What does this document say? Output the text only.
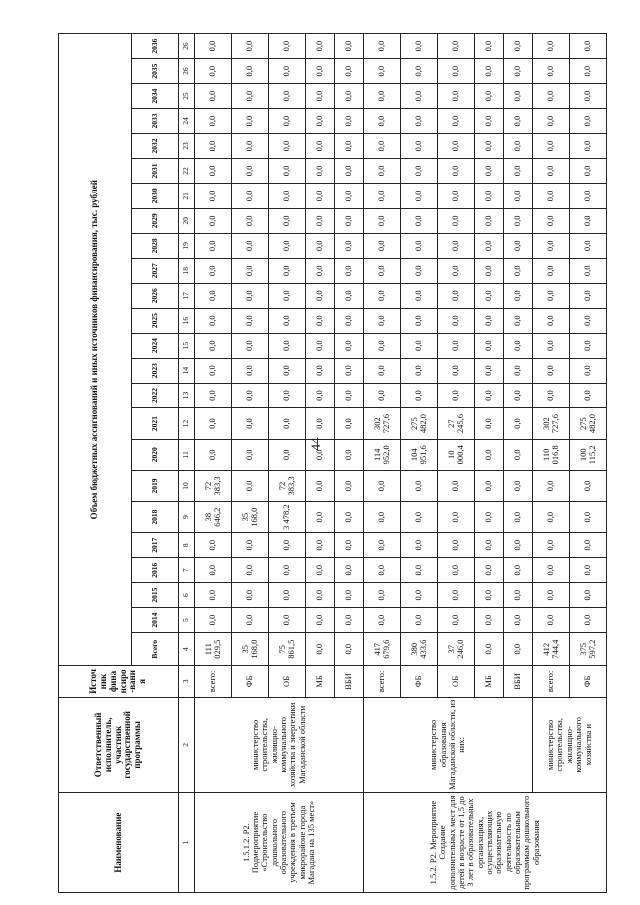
44
Наименование	Ответственный исполнитель, участник государственной программы	Источник финансиро-вания	Объем бюджетных ассигнований и иных источников финансирования, тыс. рублей																							
			Всего	2014	2015	2016	2017	2018	2019	2020	2021	2022	2023	2024	2025	2026	2027	2028	2029	2030	2031	2032	2033	2034	2035	2036
1	2	3	4	5	6	7	8	9	10	11	12	13	14	15	16	17	18	19	20	21	22	23	24	25	26	26
1.5.1.2. Р2. Подмероприятие «Строительство дошкольного образовательного учреждения в третьем микрорайоне города Магадана на 135 мест»	министерство строительства, жилищно-коммунального хозяйства и энергетики Магаданской области	всего:	111 029,5	0,0	0,0	0,0	0,0	38 646,2	72 383,3	0,0	0,0	0,0	0,0	0,0	0,0	0,0	0,0	0,0	0,0	0,0	0,0	0,0	0,0	0,0	0,0	0,0
		ФБ	35 168,0	0,0	0,0	0,0	0,0	35 168,0	0,0	0,0	0,0	0,0	0,0	0,0	0,0	0,0	0,0	0,0	0,0	0,0	0,0	0,0	0,0	0,0	0,0	0,0
		ОБ	75 861,5	0,0	0,0	0,0	0,0	3 478,2	72 383,3	0,0	0,0	0,0	0,0	0,0	0,0	0,0	0,0	0,0	0,0	0,0	0,0	0,0	0,0	0,0	0,0	0,0
		МБ	0,0	0,0	0,0	0,0	0,0	0,0	0,0	0,0	0,0	0,0	0,0	0,0	0,0	0,0	0,0	0,0	0,0	0,0	0,0	0,0	0,0	0,0	0,0	0,0
		ВБИ	0,0	0,0	0,0	0,0	0,0	0,0	0,0	0,0	0,0	0,0	0,0	0,0	0,0	0,0	0,0	0,0	0,0	0,0	0,0	0,0	0,0	0,0	0,0	0,0
1.5.2. Р2. Мероприятие Создание дополнительных мест для детей в возрасте от 1,5 до 3 лет в образовательных организациях, осуществляющих образовательную деятельность по образовательным программам дошкольного образования	министерство образования Магаданской области, из них:	всего:	417 679,6	0,0	0,0	0,0	0,0	0,0	0,0	114 952,0	302 727,6	0,0	0,0	0,0	0,0	0,0	0,0	0,0	0,0	0,0	0,0	0,0	0,0	0,0	0,0	0,0
		ФБ	380 433,6	0,0	0,0	0,0	0,0	0,0	0,0	104 951,6	275 482,0	0,0	0,0	0,0	0,0	0,0	0,0	0,0	0,0	0,0	0,0	0,0	0,0	0,0	0,0	0,0
		ОБ	37 246,0	0,0	0,0	0,0	0,0	0,0	0,0	10 000,4	27 245,6	0,0	0,0	0,0	0,0	0,0	0,0	0,0	0,0	0,0	0,0	0,0	0,0	0,0	0,0	0,0
		МБ	0,0	0,0	0,0	0,0	0,0	0,0	0,0	0,0	0,0	0,0	0,0	0,0	0,0	0,0	0,0	0,0	0,0	0,0	0,0	0,0	0,0	0,0	0,0	0,0
		ВБИ	0,0	0,0	0,0	0,0	0,0	0,0	0,0	0,0	0,0	0,0	0,0	0,0	0,0	0,0	0,0	0,0	0,0	0,0	0,0	0,0	0,0	0,0	0,0	0,0
	министерство строительства, жилищно-коммунального хозяйства и	всего:	412 744,4	0,0	0,0	0,0	0,0	0,0	0,0	110 016,8	302 727,6	0,0	0,0	0,0	0,0	0,0	0,0	0,0	0,0	0,0	0,0	0,0	0,0	0,0	0,0	0,0
		ФБ	375 597,2	0,0	0,0	0,0	0,0	0,0	0,0	100 115,2	275 482,0	0,0	0,0	0,0	0,0	0,0	0,0	0,0	0,0	0,0	0,0	0,0	0,0	0,0	0,0	0,0
